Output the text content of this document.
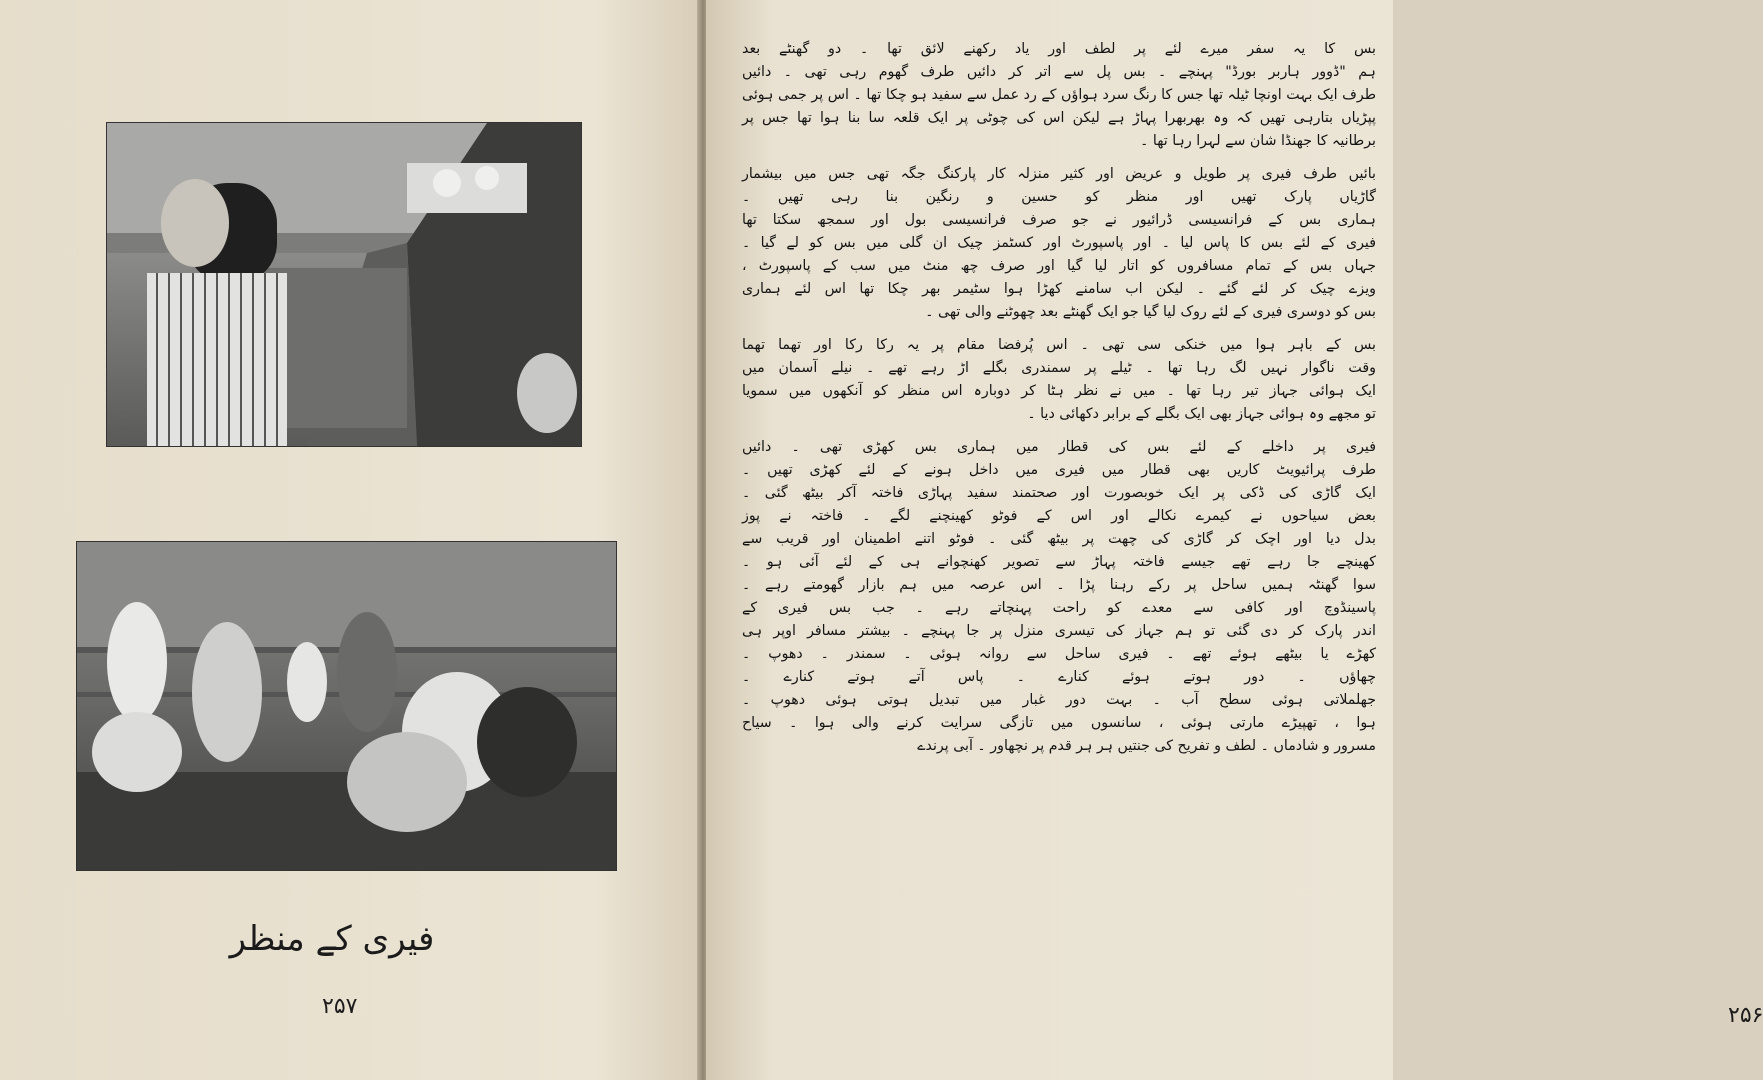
فیری کے منظر
۲۵۷	۲۵۶
بس کا یہ سفر میرے لئے پر لطف اور یاد رکھنے لائق تھا ۔ دو گھنٹے بعد
ہم "ڈوور ہاربر بورڈ" پہنچے ۔ بس پل سے اتر کر دائیں طرف گھوم رہی تھی ۔ دائیں
طرف ایک بہت اونچا ٹیلہ تھا جس کا رنگ سرد ہواؤں کے رد عمل سے سفید ہو چکا تھا ۔ اس پر جمی ہوئی
پپڑیاں بتارہی تھیں کہ وہ بھربھرا پہاڑ ہے لیکن اس کی چوٹی پر ایک قلعہ سا بنا ہوا تھا جس پر
برطانیہ کا جھنڈا شان سے لہرا رہا تھا ۔
بائیں طرف فیری پر طویل و عریض اور کثیر منزلہ کار پارکنگ جگہ تھی جس میں بیشمار
گاڑیاں پارک تھیں اور منظر کو حسین و رنگین بنا رہی تھیں ۔
ہماری بس کے فرانسیسی ڈرائیور نے جو صرف فرانسیسی بول اور سمجھ سکتا تھا
فیری کے لئے بس کا پاس لیا ۔ اور پاسپورٹ اور کسٹمز چیک ان گلی میں بس کو لے گیا ۔
جہاں بس کے تمام مسافروں کو اتار لیا گیا اور صرف چھ منٹ میں سب کے پاسپورٹ ،
ویزے چیک کر لئے گئے ۔ لیکن اب سامنے کھڑا ہوا سٹیمر بھر چکا تھا اس لئے ہماری
بس کو دوسری فیری کے لئے روک لیا گیا جو ایک گھنٹے بعد چھوٹنے والی تھی ۔
بس کے باہر ہوا میں خنکی سی تھی ۔ اس پُرفضا مقام پر یہ رکا رکا اور تھما تھما
وقت ناگوار نہیں لگ رہا تھا ۔ ٹیلے پر سمندری بگلے اڑ رہے تھے ۔ نیلے آسمان میں
ایک ہوائی جہاز تیر رہا تھا ۔ میں نے نظر ہٹا کر دوبارہ اس منظر کو آنکھوں میں سمویا
تو مجھے وہ ہوائی جہاز بھی ایک بگلے کے برابر دکھائی دیا ۔
فیری پر داخلے کے لئے بس کی قطار میں ہماری بس کھڑی تھی ۔ دائیں
طرف پرائیویٹ کاریں بھی قطار میں فیری میں داخل ہونے کے لئے کھڑی تھیں ۔
ایک گاڑی کی ڈکی پر ایک خوبصورت اور صحتمند سفید پہاڑی فاختہ آکر بیٹھ گئی ۔
بعض سیاحوں نے کیمرے نکالے اور اس کے فوٹو کھینچنے لگے ۔ فاختہ نے پوز
بدل دیا اور اچک کر گاڑی کی چھت پر بیٹھ گئی ۔ فوٹو اتنے اطمینان اور قریب سے
کھینچے جا رہے تھے جیسے فاختہ پہاڑ سے تصویر کھنچوانے ہی کے لئے آئی ہو ۔
سوا گھنٹہ ہمیں ساحل پر رکے رہنا پڑا ۔ اس عرصہ میں ہم بازار گھومتے رہے ۔
پاسینڈوچ اور کافی سے معدے کو راحت پہنچاتے رہے ۔ جب بس فیری کے
اندر پارک کر دی گئی تو ہم جہاز کی تیسری منزل پر جا پہنچے ۔ بیشتر مسافر اوپر ہی
کھڑے یا بیٹھے ہوئے تھے ۔ فیری ساحل سے روانہ ہوئی ۔ سمندر ۔ دھوپ ۔
چھاؤں ۔ دور ہوتے ہوئے کنارے ۔ پاس آتے ہوتے کنارے ۔
جھلملاتی ہوئی سطح آب ۔ بہت دور غبار میں تبدیل ہوتی ہوئی دھوپ ۔
ہوا ، تھپیڑے مارتی ہوئی ، سانسوں میں تازگی سرایت کرنے والی ہوا ۔ سیاح
مسرور و شادماں ۔ لطف و تفریح کی جنتیں ہر ہر قدم پر نچھاور ۔ آبی پرندے
